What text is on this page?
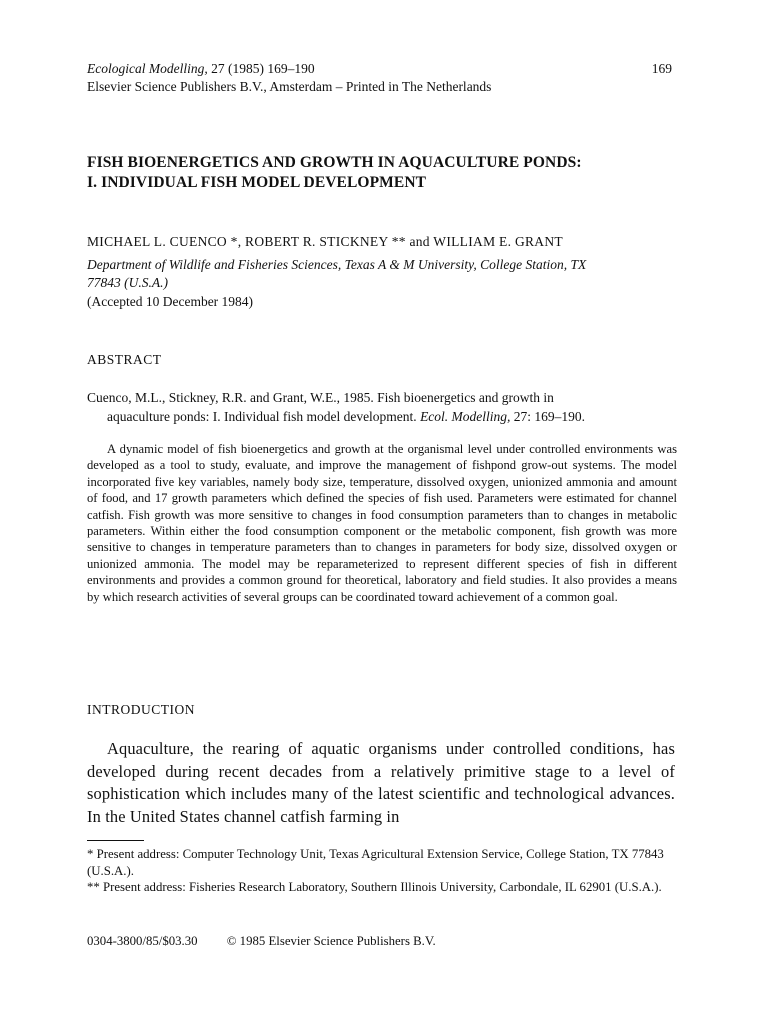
Ecological Modelling, 27 (1985) 169–190	169
Elsevier Science Publishers B.V., Amsterdam – Printed in The Netherlands
FISH BIOENERGETICS AND GROWTH IN AQUACULTURE PONDS:
I. INDIVIDUAL FISH MODEL DEVELOPMENT
MICHAEL L. CUENCO *, ROBERT R. STICKNEY ** and WILLIAM E. GRANT
Department of Wildlife and Fisheries Sciences, Texas A & M University, College Station, TX
77843 (U.S.A.)
(Accepted 10 December 1984)
ABSTRACT
Cuenco, M.L., Stickney, R.R. and Grant, W.E., 1985. Fish bioenergetics and growth in
aquaculture ponds: I. Individual fish model development. Ecol. Modelling, 27: 169–190.

A dynamic model of fish bioenergetics and growth at the organismal level under controlled environments was developed as a tool to study, evaluate, and improve the management of fishpond grow-out systems. The model incorporated five key variables, namely body size, temperature, dissolved oxygen, unionized ammonia and amount of food, and 17 growth parameters which defined the species of fish used. Parameters were estimated for channel catfish. Fish growth was more sensitive to changes in food consumption parameters than to changes in metabolic parameters. Within either the food consumption component or the metabolic component, fish growth was more sensitive to changes in temperature parameters than to changes in parameters for body size, dissolved oxygen or unionized ammonia. The model may be reparameterized to represent different species of fish in different environments and provides a common ground for theoretical, laboratory and field studies. It also provides a means by which research activities of several groups can be coordinated toward achievement of a common goal.

INTRODUCTION

Aquaculture, the rearing of aquatic organisms under controlled conditions, has developed during recent decades from a relatively primitive stage to a level of sophistication which includes many of the latest scientific and technological advances. In the United States channel catfish farming in

* Present address: Computer Technology Unit, Texas Agricultural Extension Service, College Station, TX 77843 (U.S.A.).

** Present address: Fisheries Research Laboratory, Southern Illinois University, Carbondale, IL 62901 (U.S.A.).

0304-3800/85/$03.30 © 1985 Elsevier Science Publishers B.V.
